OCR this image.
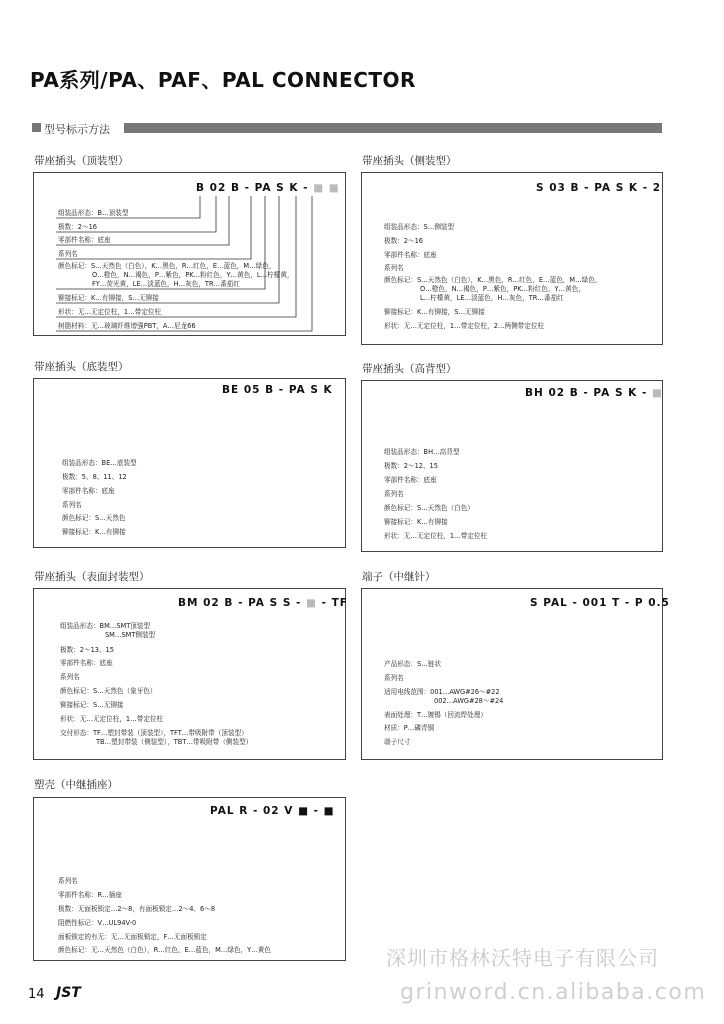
PA系列/PA、PAF、PAL CONNECTOR
型号标示方法
带座插头（顶装型）
B 02 B - PA S K - ■ ■
组装品形态：B…顶装型
极数：2～16
零部件名称：底座
系列名
颜色标记：S…天然色（白色），K…黑色，R…红色，E…蓝色，M…绿色，
O…橙色，N…褐色，P…紫色，PK…粉红色，Y…黄色，L…柠檬黄，
FY…荧光黄，LE…淡蓝色，H…灰色，TR…番茄红
铆接标记：K…有铆接，S…无铆接
形状：无…无定位柱，1…带定位柱
树脂材料：无…玻璃纤维增强PBT，A…尼龙66
带座插头（侧装型）
S 03 B - PA S K - 2
组装品形态：S…侧装型
极数：2～16
零部件名称：底座
系列名
颜色标记：S…天然色（白色），K…黑色，R…红色，E…蓝色，M…绿色，
O…橙色，N…褐色，P…紫色，PK…粉红色，Y…黄色，
L…柠檬黄，LE…淡蓝色，H…灰色，TR…番茄红
铆接标记：K…有铆接，S…无铆接
形状：无…无定位柱，1…带定位柱，2…两侧带定位柱
带座插头（底装型）
BE 05 B - PA S K
组装品形态：BE…底装型
极数：5、8、11、12
零部件名称：底座
系列名
颜色标记：S…天然色
铆接标记：K…有铆接
带座插头（高背型）
BH 02 B - PA S K - ■
组装品形态：BH…高背型
极数：2～12、15
零部件名称：底座
系列名
颜色标记：S…天然色（白色）
铆接标记：K…有铆接
形状：无…无定位柱，1…带定位柱
带座插头（表面封装型）
BM 02 B - PA S S - ■ - TF
组装品形态：BM…SMT顶装型
SM…SMT侧装型
极数：2～13、15
零部件名称：底座
系列名
颜色标记：S…天然色（象牙色）
铆接标记：S…无铆接
形状：无…无定位柱，1…带定位柱
交付形态：TF…塑封带装（顶装型），TFT…带吸附带（顶装型）
TB…塑封带装（侧装型），TBT…带吸附带（侧装型）
端子（中继针）
S PAL - 001 T - P 0.5
产品形态：S…链状
系列名
适用电线范围：001…AWG#26～#22
002…AWG#28～#24
表面处理：T…镀锡（回流焊处理）
材质：P…磷青铜
端子尺寸
塑壳（中继插座）
PAL R - 02 V ■ - ■
系列名
零部件名称：R…插座
极数：无面板锁定…2～8，有面板锁定…2～4、6～8
阻燃性标记：V…UL94V-0
面板锁定的有无：无…无面板锁定，F…无面板锁定
颜色标记：无…天然色（白色），R…红色，E…蓝色，M…绿色，Y…黄色	深圳市格林沃特电子有限公司
grinword.cn.alibaba.com
14 JST
